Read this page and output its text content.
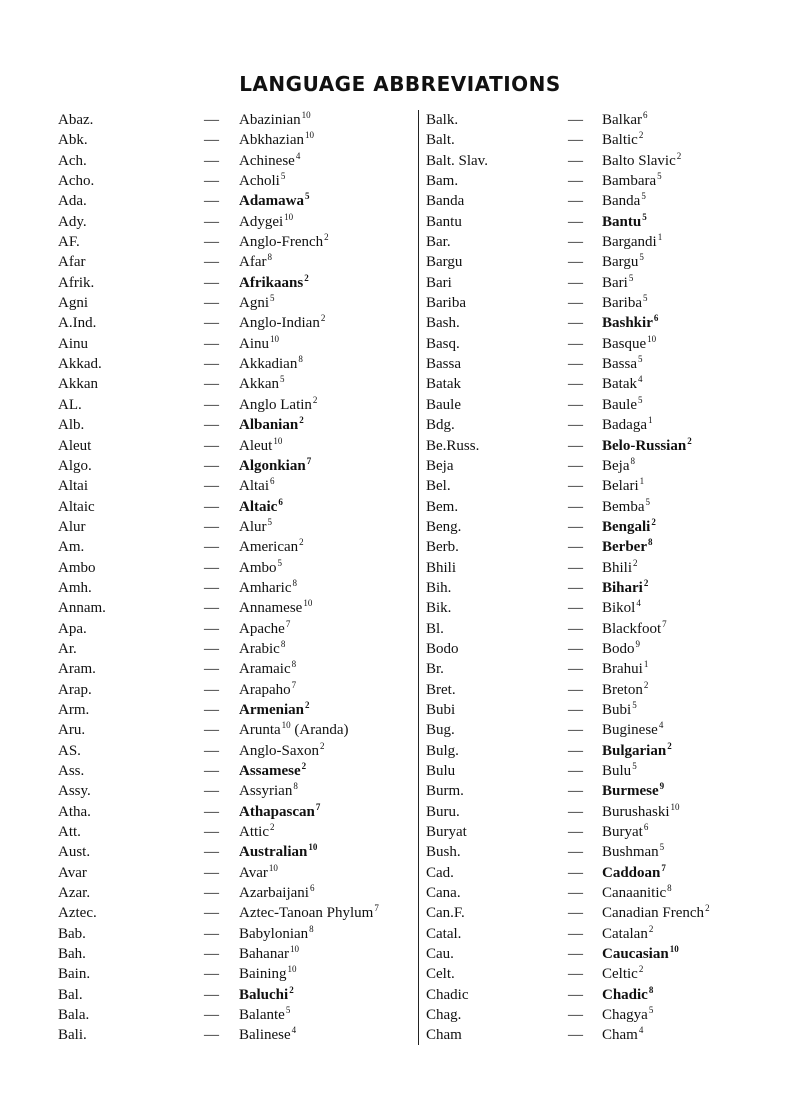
LANGUAGE ABBREVIATIONS
Abaz.	— Abazinian$^{10}$
Abk.	— Abkhazian$^{10}$
Ach.	— Achinese$^4$
Acho.	— Acholi$^5$
Ada.	— Adamawa$^5$
Ady.	— Adygei$^{10}$
AF.	— Anglo-French$^2$
Afar	— Afar$^8$
Afrik.	— Afrikaans$^2$
Agni	— Agni$^5$
A.Ind.	— Anglo-Indian$^2$
Ainu	— Ainu$^{10}$
Akkad.	— Akkadian$^8$
Akkan	— Akkan$^5$
AL.	— Anglo Latin$^2$
Alb.	— Albanian$^2$
Aleut	— Aleut$^{10}$
Algo.	— Algonkian$^7$
Altai	— Altai$^6$
Altaic	— Altaic$^6$
Alur	— Alur$^5$
Am.	— American$^2$
Ambo	— Ambo$^5$
Amh.	— Amharic$^8$
Annam.	— Annamese$^{10}$
Apa.	— Apache$^7$
Ar.	— Arabic$^8$
Aram.	— Aramaic$^8$
Arap.	— Arapaho$^7$
Arm.	— Armenian$^2$
Aru.	— Arunta$^{10}$ (Aranda)
AS.	— Anglo-Saxon$^2$
Ass.	— Assamese$^2$
Assy.	— Assyrian$^8$
Atha.	— Athapascan$^7$
Att.	— Attic$^2$
Aust.	— Australian$^{10}$
Avar	— Avar$^{10}$
Azar.	— Azarbaijani$^6$
Aztec.	— Aztec-Tanoan Phylum$^7$
Bab.	— Babylonian$^8$
Bah.	— Bahanar$^{10}$
Bain.	— Baining$^{10}$
Bal.	— Baluchi$^2$
Bala.	— Balante$^5$
Bali.	— Balinese$^4$
Balk.	— Balkar$^6$
Balt.	— Baltic$^2$
Balt. Slav.	— Balto Slavic$^2$
Bam.	— Bambara$^5$
Banda	— Banda$^5$
Bantu	— Bantu$^5$
Bar.	— Bargandi$^1$
Bargu	— Bargu$^5$
Bari	— Bari$^5$
Bariba	— Bariba$^5$
Bash.	— Bashkir$^6$
Basq.	— Basque$^{10}$
Bassa	— Bassa$^5$
Batak	— Batak$^4$
Baule	— Baule$^5$
Bdg.	— Badaga$^1$
Be.Russ.	— Belo-Russian$^2$
Beja	— Beja$^8$
Bel.	— Belari$^1$
Bem.	— Bemba$^5$
Beng.	— Bengali$^2$
Berb.	— Berber$^8$
Bhili	— Bhili$^2$
Bih.	— Bihari$^2$
Bik.	— Bikol$^4$
Bl.	— Blackfoot$^7$
Bodo	— Bodo$^9$
Br.	— Brahui$^1$
Bret.	— Breton$^2$
Bubi	— Bubi$^5$
Bug.	— Buginese$^4$
Bulg.	— Bulgarian$^2$
Bulu	— Bulu$^5$
Burm.	— Burmese$^9$
Buru.	— Burushaski$^{10}$
Buryat	— Buryat$^6$
Bush.	— Bushman$^5$
Cad.	— Caddoan$^7$
Cana.	— Canaanitic$^8$
Can.F.	— Canadian French$^2$
Catal.	— Catalan$^2$
Cau.	— Caucasian$^{10}$
Celt.	— Celtic$^2$
Chadic	— Chadic$^8$
Chag.	— Chagya$^5$
Cham	— Cham$^4$
